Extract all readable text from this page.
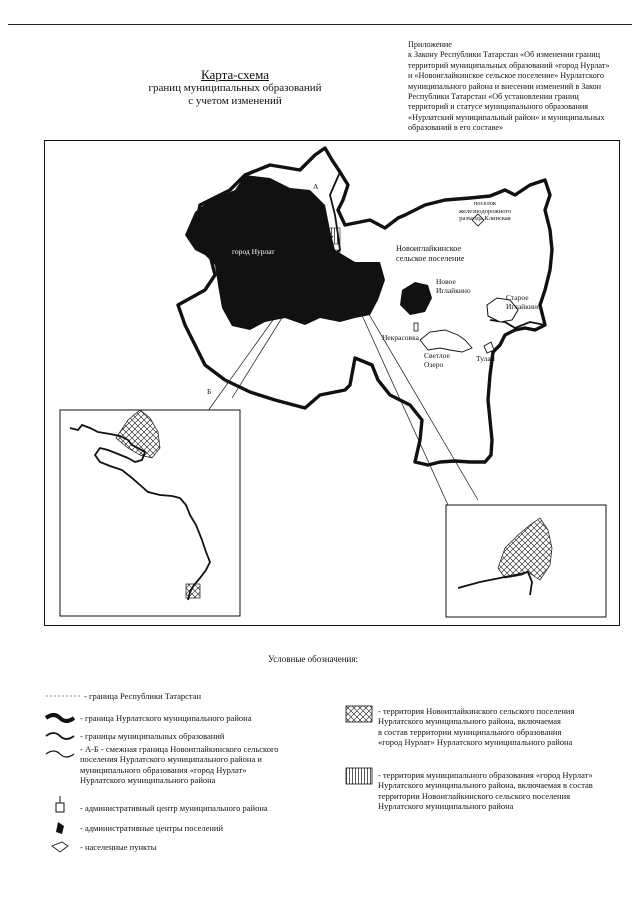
Приложение
к Закону Республики Татарстан «Об изменении границ
территорий муниципальных образований «город Нурлат»
и «Новоиглайкинское сельское поселение» Нурлатского
муниципального района и внесении изменений в Закон
Республики Татарстан «Об установлении границ
территорий и статусе муниципального образования
«Нурлатский муниципальный район» и муниципальных
образований в его составе»
Карта-схема
границ муниципальных образований
с учетом изменений
А
Б
город Нурлат
поселок
железнодорожного
разъезда Клинская
Новоиглайкинское
сельское поселение
Новое
Иглайкино
Старое
Иглайкино
Некрасовка
Светлое
Озеро
Тулай
Условные обозначения:
- граница Республики Татарстан
- граница Нурлатского муниципального района
- границы муниципальных образований
- А-Б - смежная граница Новоиглайкинского сельского
поселения Нурлатского муниципального района и
муниципального образования «город Нурлат»
Нурлатского муниципального района
- административный центр муниципального района
- административные центры поселений
- населенные пункты
- территория Новоиглайкинского сельского поселения
Нурлатского муниципального района, включаемая
в состав территории муниципального образования
«город Нурлат» Нурлатского муниципального района
- территория муниципального образования «город Нурлат»
Нурлатского муниципального района, включаемая в состав
территории Новоиглайкинского сельского поселения
Нурлатского муниципального района
